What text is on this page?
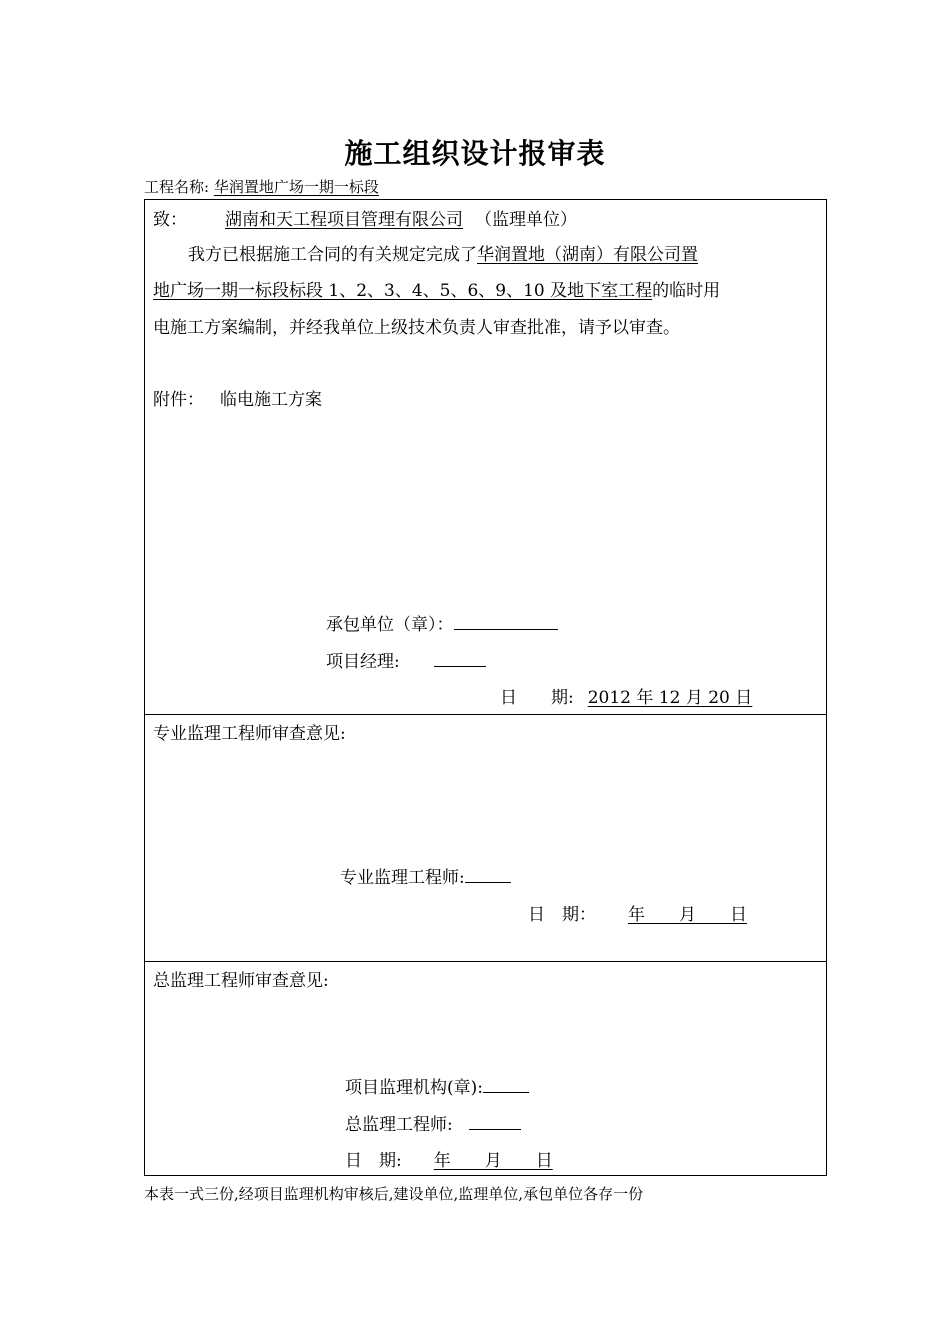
施工组织设计报审表
工程名称: 华润置地广场一期一标段
致： 湖南和天工程项目管理有限公司 （监理单位）
我方已根据施工合同的有关规定完成了华润置地（湖南）有限公司置
地广场一期一标段标段 1、2、3、4、5、6、9、10 及地下室工程的临时用
电施工方案编制，并经我单位上级技术负责人审查批准，请予以审查。
附件： 临电施工方案
承包单位（章）：
项目经理:
日　　期: 2012 年 12 月 20 日
专业监理工程师审查意见:
专业监理工程师:
日　期： 年　　月　　日
总监理工程师审查意见:
项目监理机构(章):
总监理工程师:
日　期: 年　　月　　日
本表一式三份,经项目监理机构审核后,建设单位,监理单位,承包单位各存一份
